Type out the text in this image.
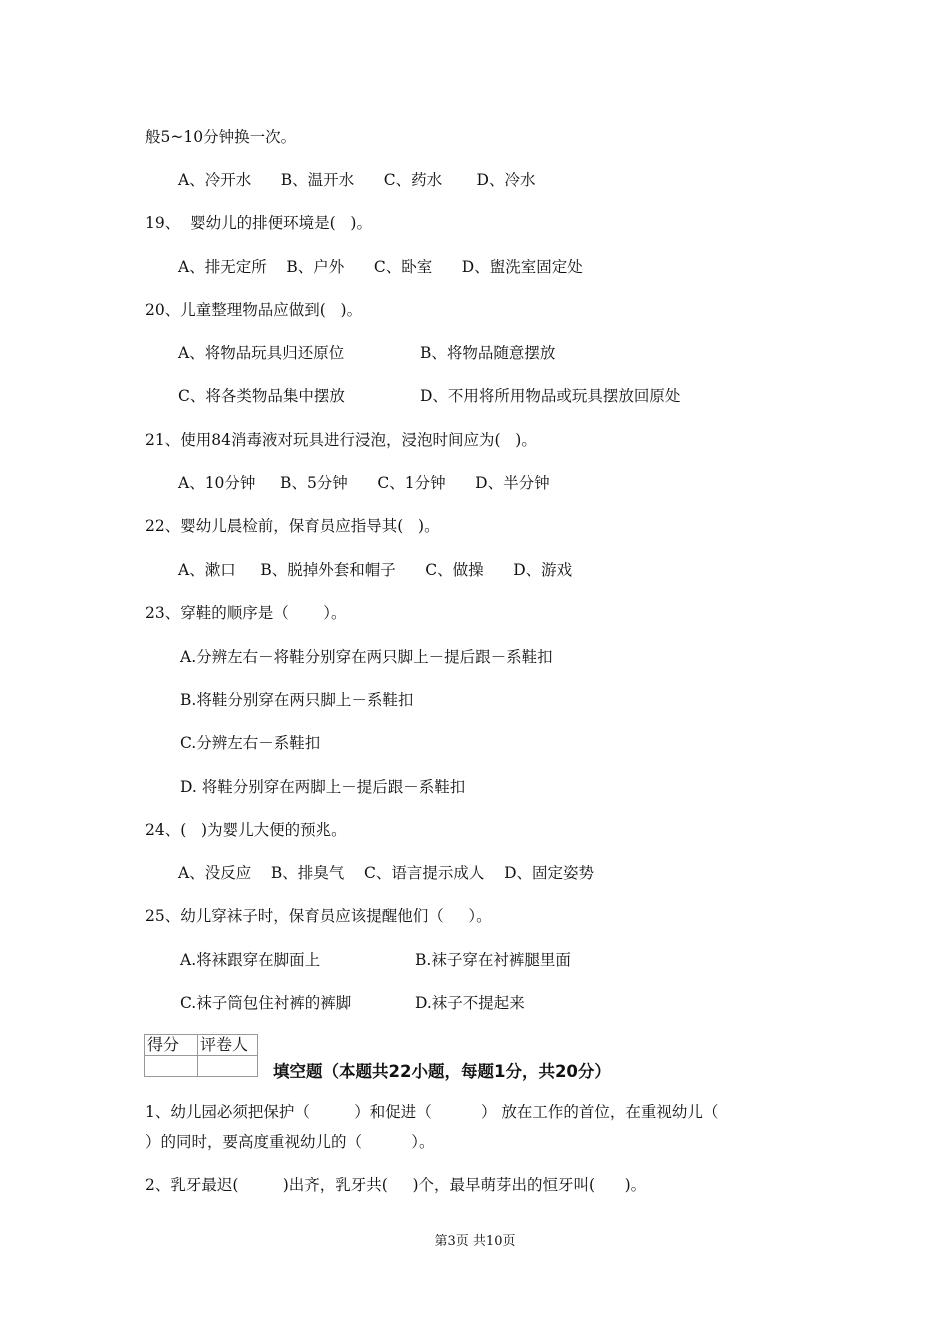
般5~10分钟换一次。
A、冷开水      B、温开水      C、药水       D、冷水
19、  婴幼儿的排便环境是(   )。
A、排无定所    B、户外      C、卧室      D、盥洗室固定处
20、儿童整理物品应做到(   )。
A、将物品玩具归还原位	B、将物品随意摆放
C、将各类物品集中摆放	D、不用将所用物品或玩具摆放回原处
21、使用84消毒液对玩具进行浸泡，浸泡时间应为(   )。
A、10分钟     B、5分钟      C、1分钟      D、半分钟
22、婴幼儿晨检前，保育员应指导其(   )。
A、漱口     B、脱掉外套和帽子      C、做操      D、游戏
23、穿鞋的顺序是（       ）。
A.分辨左右－将鞋分别穿在两只脚上－提后跟－系鞋扣
B.将鞋分别穿在两只脚上－系鞋扣
C.分辨左右－系鞋扣
D. 将鞋分别穿在两脚上－提后跟－系鞋扣
24、(   )为婴儿大便的预兆。
A、没反应    B、排臭气    C、语言提示成人    D、固定姿势
25、幼儿穿袜子时，保育员应该提醒他们（     ）。
A.将袜跟穿在脚面上	B.袜子穿在衬裤腿里面
C.袜子筒包住衬裤的裤脚	D.袜子不提起来
得分	评卷人

填空题（本题共22小题，每题1分，共20分）
1、幼儿园必须把保护（         ）和促进（          ） 放在工作的首位，在重视幼儿（
）的同时，要高度重视幼儿的（          ）。
2、乳牙最迟(         )出齐，乳牙共(     )个，最早萌芽出的恒牙叫(      )。
第3页 共10页
